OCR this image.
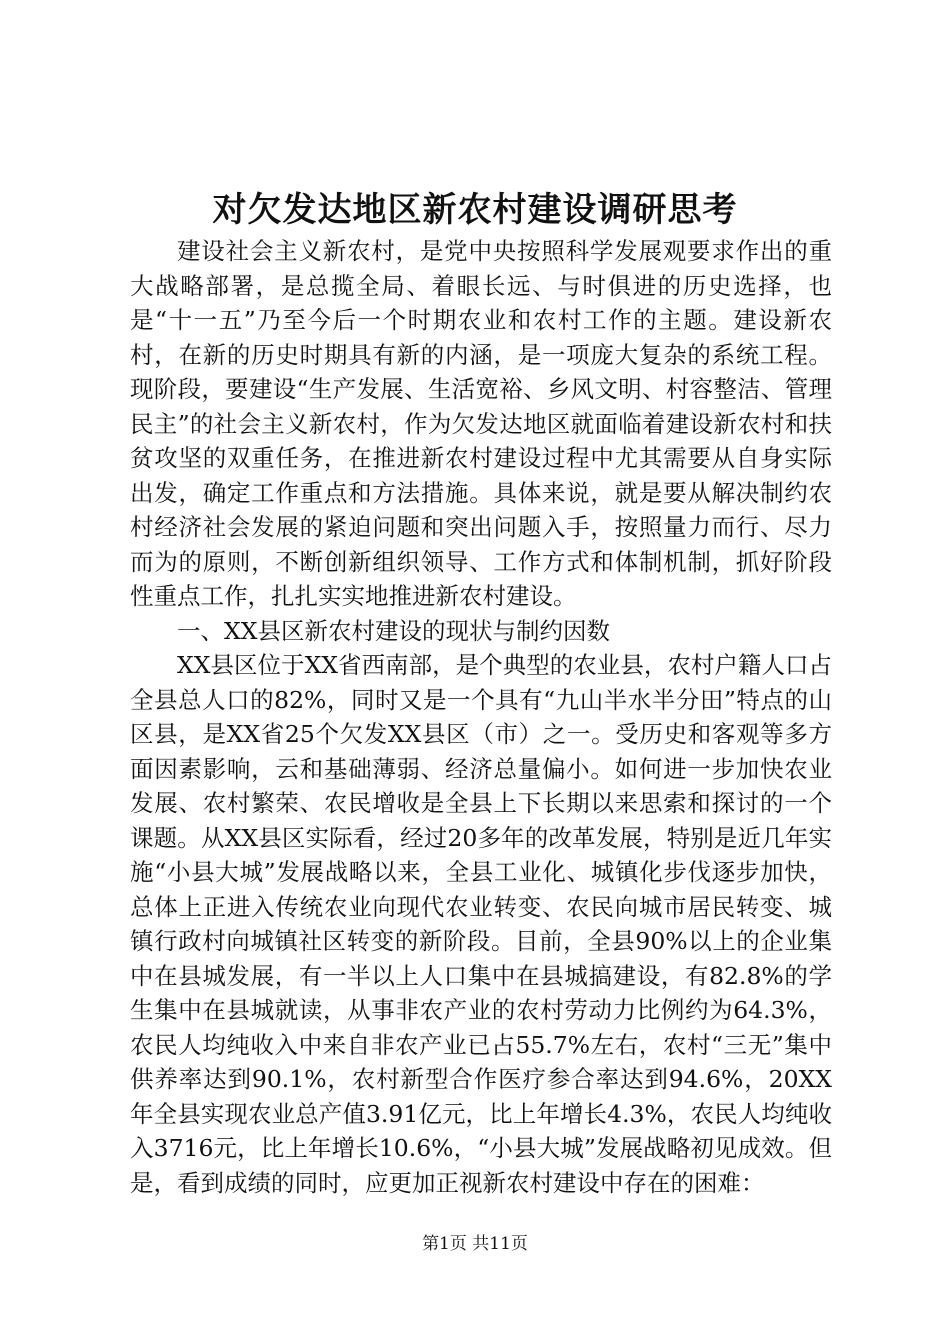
对欠发达地区新农村建设调研思考

建设社会主义新农村，是党中央按照科学发展观要求作出的重大战略部署，是总揽全局、着眼长远、与时俱进的历史选择，也是“十一五”乃至今后一个时期农业和农村工作的主题。建设新农村，在新的历史时期具有新的内涵，是一项庞大复杂的系统工程。现阶段，要建设“生产发展、生活宽裕、乡风文明、村容整洁、管理民主”的社会主义新农村，作为欠发达地区就面临着建设新农村和扶贫攻坚的双重任务，在推进新农村建设过程中尤其需要从自身实际出发，确定工作重点和方法措施。具体来说，就是要从解决制约农村经济社会发展的紧迫问题和突出问题入手，按照量力而行、尽力而为的原则，不断创新组织领导、工作方式和体制机制，抓好阶段性重点工作，扎扎实实地推进新农村建设。

一、XX县区新农村建设的现状与制约因数

XX县区位于XX省西南部，是个典型的农业县，农村户籍人口占全县总人口的82%，同时又是一个具有“九山半水半分田”特点的山区县，是XX省25个欠发XX县区（市）之一。受历史和客观等多方面因素影响，云和基础薄弱、经济总量偏小。如何进一步加快农业发展、农村繁荣、农民增收是全县上下长期以来思索和探讨的一个课题。从XX县区实际看，经过20多年的改革发展，特别是近几年实施“小县大城”发展战略以来，全县工业化、城镇化步伐逐步加快，总体上正进入传统农业向现代农业转变、农民向城市居民转变、城镇行政村向城镇社区转变的新阶段。目前，全县90%以上的企业集中在县城发展，有一半以上人口集中在县城搞建设，有82.8%的学生集中在县城就读，从事非农产业的农村劳动力比例约为64.3%，农民人均纯收入中来自非农产业已占55.7%左右，农村“三无”集中供养率达到90.1%，农村新型合作医疗参合率达到94.6%，20XX年全县实现农业总产值3.91亿元，比上年增长4.3%，农民人均纯收入3716元，比上年增长10.6%，“小县大城”发展战略初见成效。但是，看到成绩的同时，应更加正视新农村建设中存在的困难：

第1页 共11页
